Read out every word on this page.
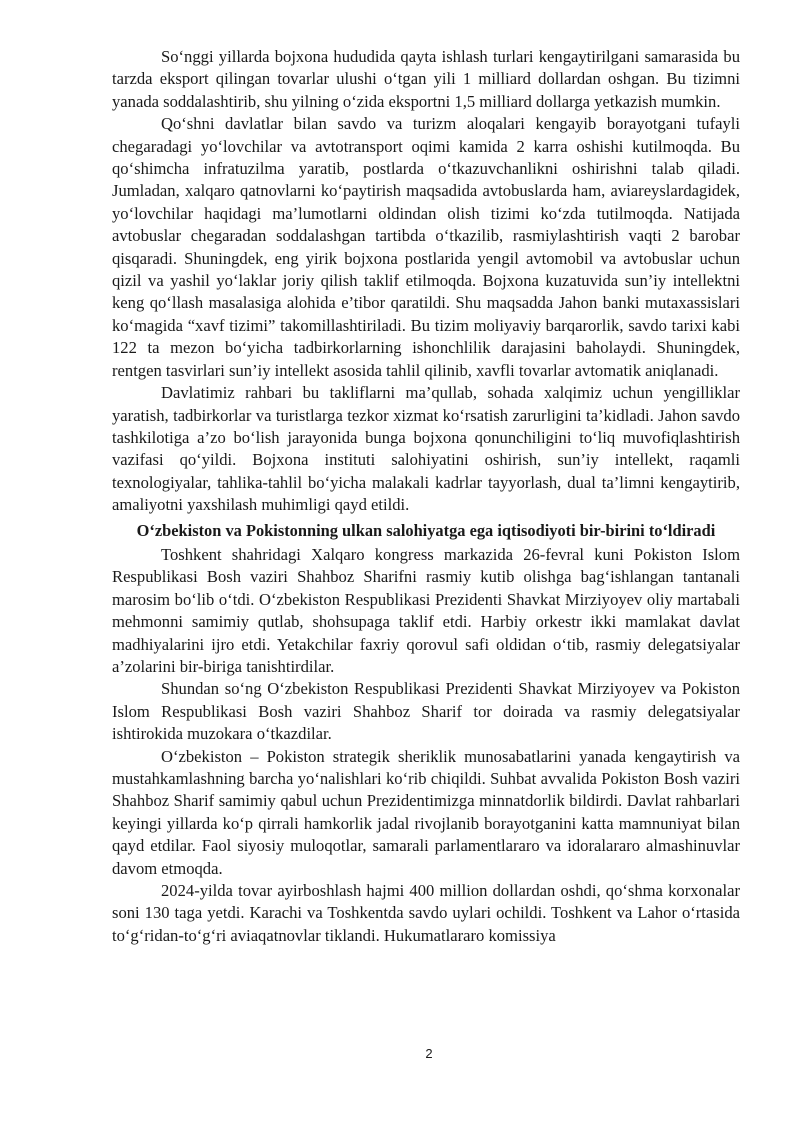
So‘nggi yillarda bojxona hududida qayta ishlash turlari kengaytirilgani samarasida bu tarzda eksport qilingan tovarlar ulushi o‘tgan yili 1 milliard dollardan oshgan. Bu tizimni yanada soddalashtirib, shu yilning o‘zida eksportni 1,5 milliard dollarga yetkazish mumkin.

Qo‘shni davlatlar bilan savdo va turizm aloqalari kengayib borayotgani tufayli chegaradagi yo‘lovchilar va avtotransport oqimi kamida 2 karra oshishi kutilmoqda. Bu qo‘shimcha infratuzilma yaratib, postlarda o‘tkazuvchanlikni oshirishni talab qiladi. Jumladan, xalqaro qatnovlarni ko‘paytirish maqsadida avtobuslarda ham, aviareyslardagidek, yo‘lovchilar haqidagi ma’lumotlarni oldindan olish tizimi ko‘zda tutilmoqda. Natijada avtobuslar chegaradan soddalashgan tartibda o‘tkazilib, rasmiylashtirish vaqti 2 barobar qisqaradi. Shuningdek, eng yirik bojxona postlarida yengil avtomobil va avtobuslar uchun qizil va yashil yo‘laklar joriy qilish taklif etilmoqda. Bojxona kuzatuvida sun’iy intellektni keng qo‘llash masalasiga alohida e’tibor qaratildi. Shu maqsadda Jahon banki mutaxassislari ko‘magida “xavf tizimi” takomillashtiriladi. Bu tizim moliyaviy barqarorlik, savdo tarixi kabi 122 ta mezon bo‘yicha tadbirkorlarning ishonchlilik darajasini baholaydi. Shuningdek, rentgen tasvirlari sun’iy intellekt asosida tahlil qilinib, xavfli tovarlar avtomatik aniqlanadi.

Davlatimiz rahbari bu takliflarni ma’qullab, sohada xalqimiz uchun yengilliklar yaratish, tadbirkorlar va turistlarga tezkor xizmat ko‘rsatish zarurligini ta’kidladi. Jahon savdo tashkilotiga a’zo bo‘lish jarayonida bunga bojxona qonunchiligini to‘liq muvofiqlashtirish vazifasi qo‘yildi. Bojxona instituti salohiyatini oshirish, sun’iy intellekt, raqamli texnologiyalar, tahlika-tahlil bo‘yicha malakali kadrlar tayyorlash, dual ta’limni kengaytirib, amaliyotni yaxshilash muhimligi qayd etildi.

O‘zbekiston va Pokistonning ulkan salohiyatga ega iqtisodiyoti bir-birini to‘ldiradi

Toshkent shahridagi Xalqaro kongress markazida 26-fevral kuni Pokiston Islom Respublikasi Bosh vaziri Shahboz Sharifni rasmiy kutib olishga bag‘ishlangan tantanali marosim bo‘lib o‘tdi. O‘zbekiston Respublikasi Prezidenti Shavkat Mirziyoyev oliy martabali mehmonni samimiy qutlab, shohsupaga taklif etdi. Harbiy orkestr ikki mamlakat davlat madhiyalarini ijro etdi. Yetakchilar faxriy qorovul safi oldidan o‘tib, rasmiy delegatsiyalar a’zolarini bir-biriga tanishtirdilar.

Shundan so‘ng O‘zbekiston Respublikasi Prezidenti Shavkat Mirziyoyev va Pokiston Islom Respublikasi Bosh vaziri Shahboz Sharif tor doirada va rasmiy delegatsiyalar ishtirokida muzokara o‘tkazdilar.

O‘zbekiston – Pokiston strategik sheriklik munosabatlarini yanada kengaytirish va mustahkamlashning barcha yo‘nalishlari ko‘rib chiqildi. Suhbat avvalida Pokiston Bosh vaziri Shahboz Sharif samimiy qabul uchun Prezidentimizga minnatdorlik bildirdi. Davlat rahbarlari keyingi yillarda ko‘p qirrali hamkorlik jadal rivojlanib borayotganini katta mamnuniyat bilan qayd etdilar. Faol siyosiy muloqotlar, samarali parlamentlararo va idoralararo almashinuvlar davom etmoqda.

2024-yilda tovar ayirboshlash hajmi 400 million dollardan oshdi, qo‘shma korxonalar soni 130 taga yetdi. Karachi va Toshkentda savdo uylari ochildi. Toshkent va Lahor o‘rtasida to‘g‘ridan-to‘g‘ri aviaqatnovlar tiklandi. Hukumatlararo komissiya

2
